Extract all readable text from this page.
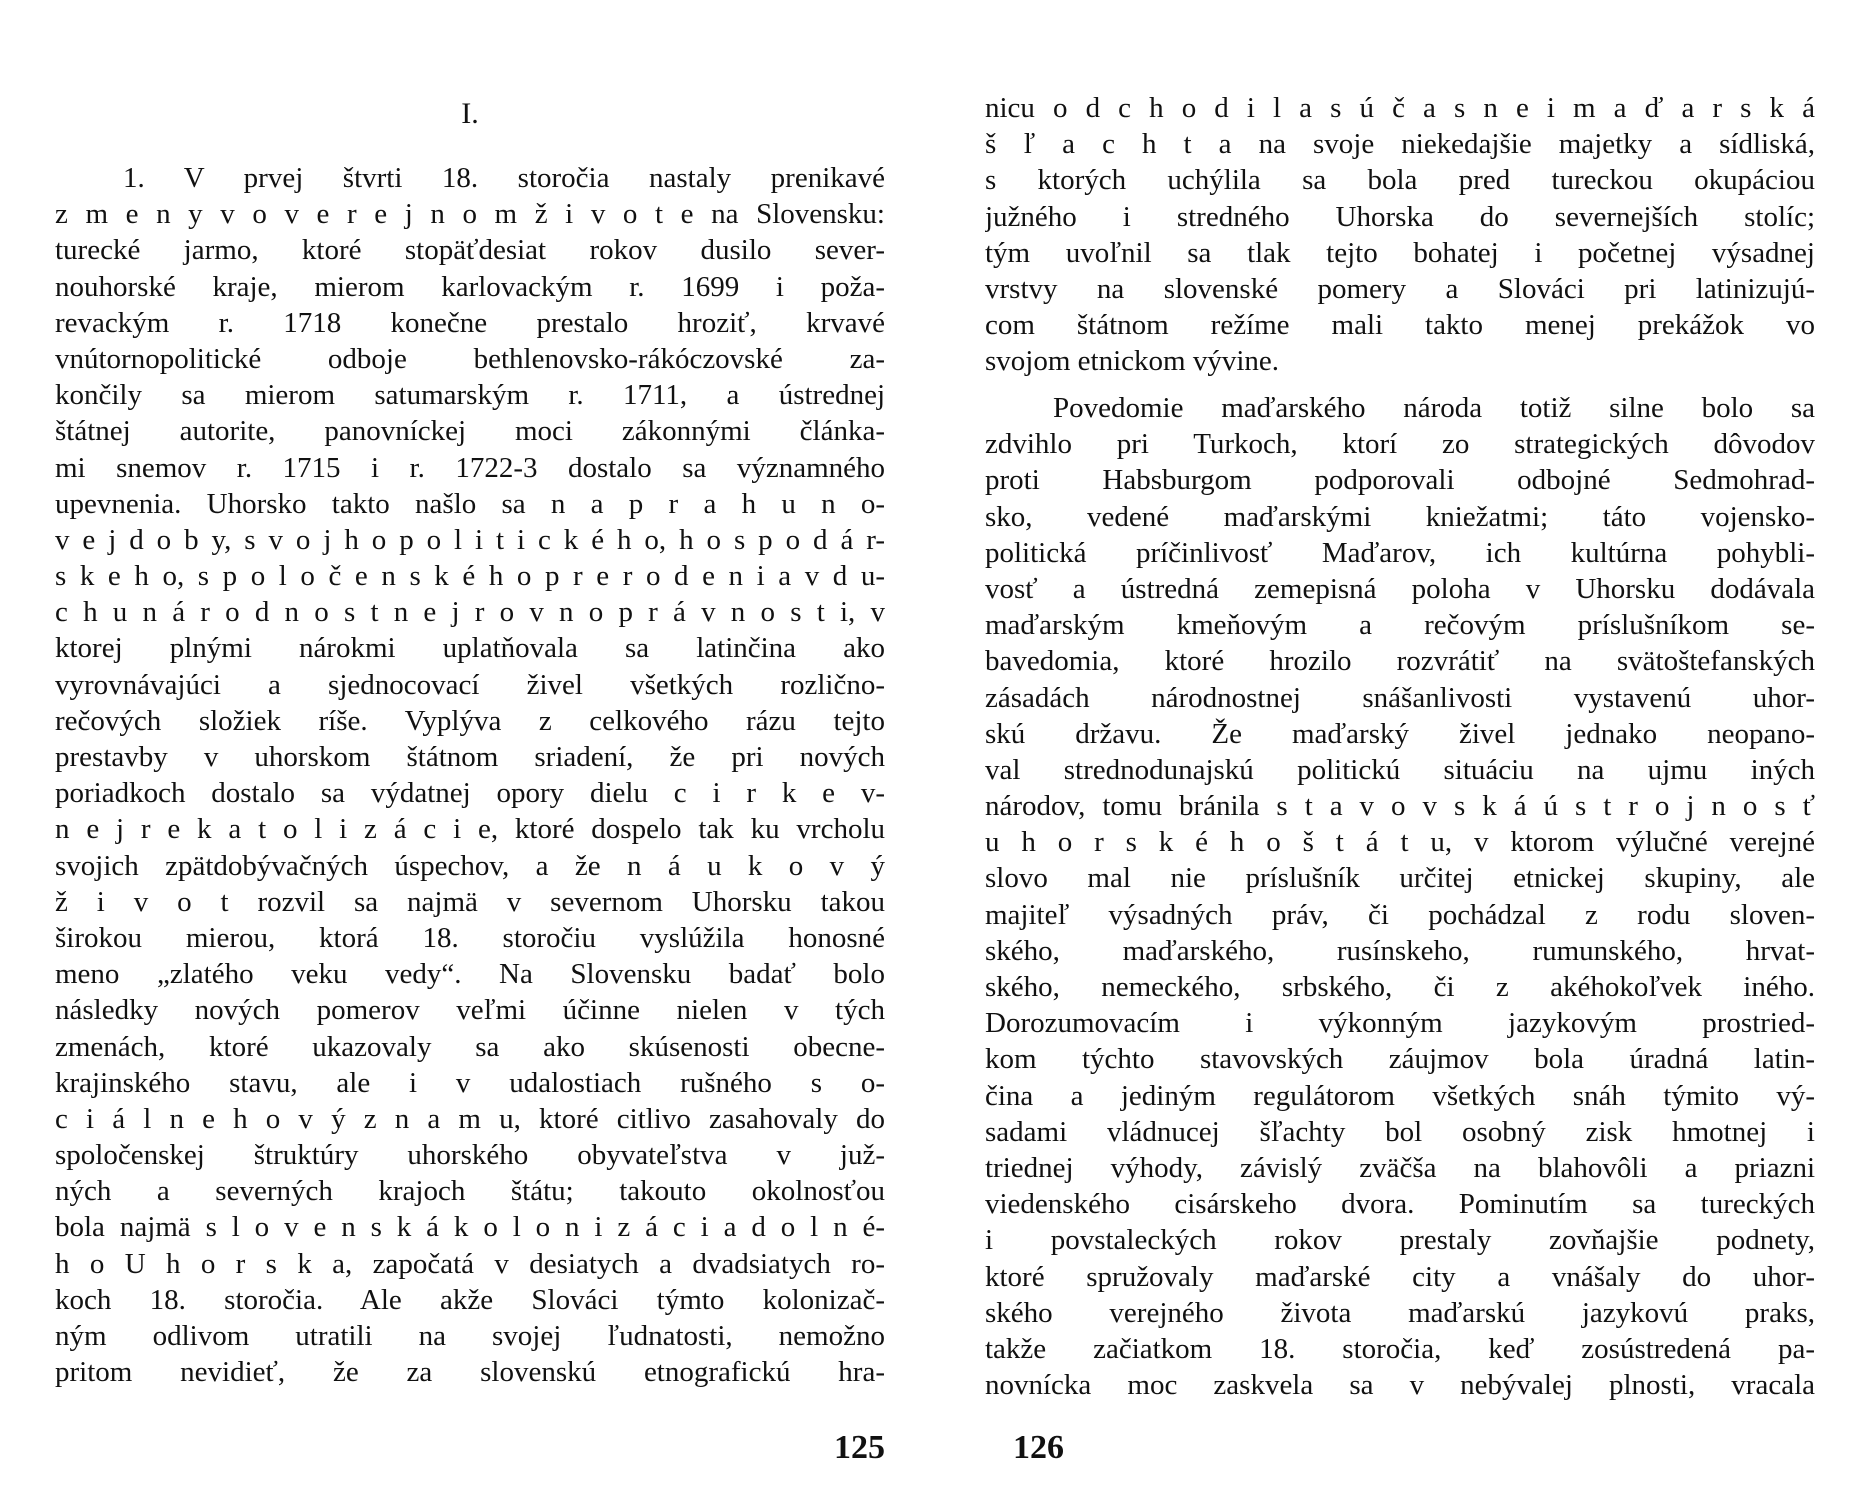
I.
1. V prvej štvrti 18. storočia nastaly prenikavé
z m e n y v o v e r e j n o m ž i v o t e na Slovensku:
turecké jarmo, ktoré stopäťdesiat rokov dusilo sever-
nouhorské kraje, mierom karlovackým r. 1699 i poža-
revackým r. 1718 konečne prestalo hroziť, krvavé
vnútornopolitické odboje bethlenovsko-rákóczovské za-
končily sa mierom satumarským r. 1711, a ústrednej
štátnej autorite, panovníckej moci zákonnými článka-
mi snemov r. 1715 i r. 1722-3 dostalo sa významného
upevnenia. Uhorsko takto našlo sa n a p r a h u n o-
v e j d o b y, s v o j h o p o l i t i c k é h o, h o s p o d á r-
s k e h o, s p o l o č e n s k é h o p r e r o d e n i a v d u-
c h u n á r o d n o s t n e j r o v n o p r á v n o s t i, v
ktorej plnými nárokmi uplatňovala sa latinčina ako
vyrovnávajúci a sjednocovací živel všetkých rozličnо-
rečových složiek ríše. Vyplýva z celkového rázu tejto
prestavby v uhorskom štátnom sriadení, že pri nových
poriadkoch dostalo sa výdatnej opory dielu c i r k e v-
n e j r e k a t o l i z á c i e, ktoré dospelo tak ku vrcholu
svojich zpätdobývačných úspechov, a že n á u k o v ý
ž i v o t rozvil sa najmä v severnom Uhorsku takou
širokou mierou, ktorá 18. storočiu vyslúžila honosné
meno „zlatého veku vedy“. Na Slovensku badať bolo
následky nových pomerov veľmi účinne nielen v tých
zmenách, ktoré ukazovaly sa ako skúsenosti obecne-
krajinského stavu, ale i v udalostiach rušného s o-
c i á l n e h o v ý z n a m u, ktoré citlivo zasahovaly do
spoločenskej štruktúry uhorského obyvateľstva v juž-
ných a severných krajoch štátu; takouto okolnosťou
bola najmä s l o v e n s k á k o l o n i z á c i a d o l n é-
h o U h o r s k a, započatá v desiatych a dvadsiatych ro-
koch 18. storočia. Ale akže Slováci týmto kolonizač-
ným odlivom utratili na svojej ľudnatosti, nemožno
pritom nevidieť, že za slovenskú etnografickú hra-
125
nicu o d c h o d i l a s ú č a s n e i m a ď a r s k á
š ľ a c h t a na svoje niekedajšie majetky a sídliská,
s ktorých uchýlila sa bola pred tureckou okupáciou
južného i stredného Uhorska do severnejších stolíc;
tým uvoľnil sa tlak tejto bohatej i početnej výsadnej
vrstvy na slovenské pomery a Slováci pri latinizujú-
com štátnom režíme mali takto menej prekážok vo
svojom etnickom vývine.
Povedomie maďarského národa totiž silne bolo sa
zdvihlo pri Turkoch, ktorí zo strategických dôvodov
proti Habsburgom podporovali odbojné Sedmohrad-
sko, vedené maďarskými kniežatmi; táto vojensko-
politická príčinlivosť Maďarov, ich kultúrna pohybli-
vosť a ústredná zemepisná poloha v Uhorsku dodávala
maďarským kmeňovým a rečovým príslušníkom se-
bavedomia, ktoré hrozilo rozvrátiť na svätoštefanských
zásadách národnostnej snášanlivosti vystavenú uhor-
skú državu. Že maďarský živel jednako neopano-
val strednodunajskú politickú situáciu na ujmu iných
národov, tomu bránila s t a v o v s k á ú s t r o j n o s ť
u h o r s k é h o š t á t u, v ktorom výlučné verejné
slovo mal nie príslušník určitej etnickej skupiny, ale
majiteľ výsadných práv, či pochádzal z rodu sloven-
ského, maďarského, rusínskeho, rumunského, hrvat-
ského, nemeckého, srbského, či z akéhokoľvek iného.
Dorozumovacím i výkonným jazykovým prostried-
kom týchto stavovských záujmov bola úradná latin-
čina a jediným regulátorom všetkých snáh týmito vý-
sadami vládnucej šľachty bol osobný zisk hmotnej i
triednej výhody, závislý zväčša na blahovôli a priazni
viedenského cisárskeho dvora. Pominutím sa tureckých
i povstaleckých rokov prestaly zovňajšie podnety,
ktoré spružovaly maďarské city a vnášaly do uhor-
ského verejného života maďarskú jazykovú praks,
takže začiatkom 18. storočia, keď zosústredená pa-
novnícka moc zaskvela sa v nebývalej plnosti, vracala
126
